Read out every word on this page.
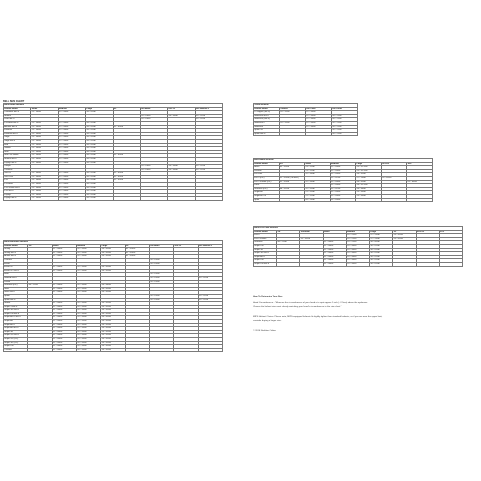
BELL SIZE CHART
Adult Road Helmets							
Helmet Model	Small	Medium	Large	XL	Uni Adult	Uni XL	Uni Women's
Overdrive MIPS	52 - 56cm	55 - 59cm	58 - 62cm				
Stratus					54 - 61cm	58 - 63cm	50 - 57cm
Draft MIPS					54 - 61cm		50 - 57cm
Z20 Aero MIPS	52 - 56cm	55 - 59cm	58 - 62cm				
Avenue MIPS	52 - 56cm	55 - 59cm	58 - 62cm	61 - 65cm			
Formula	52 - 56cm	55 - 59cm	58 - 62cm				
Formula MIPS	52 - 56cm	55 - 59cm	58 - 62cm				
Gage	52 - 56cm	55 - 59cm	58 - 62cm				
Gage MIPS	52 - 56cm	55 - 59cm	58 - 62cm				
Hub	52 - 56cm	55 - 59cm	58 - 62cm				
Javelin	52 - 56cm	55 - 59cm	58 - 62cm				
Soul	52 - 56cm	55 - 59cm	58 - 62cm				
Star Pro Shield	52 - 56cm	55 - 59cm	58 - 62cm	61 - 65cm			
Stratus MIPS	52 - 56cm	55 - 59cm	58 - 62cm				
Zephyr MIPS	52 - 56cm	55 - 59cm	58 - 62cm				
Tempo					54 - 61cm	58 - 63cm	50 - 57cm
Traverse					54 - 61cm	58 - 63cm	50 - 57cm
Volt RL	52 - 56cm	55 - 59cm	58 - 62cm	61 - 65cm			
Volt RL A	52 - 56cm	55 - 59cm	58 - 62cm	61 - 65cm			
Z20	52 - 56cm	55 - 59cm	58 - 62cm	61 - 65cm			
Z20 Aero	52 - 56cm	55 - 59cm	58 - 62cm				
Z20 Ghost MIPS	52 - 56cm	55 - 59cm	58 - 62cm				
Z20 MIPS	52 - 56cm	55 - 59cm	58 - 62cm				
Zephyr	52 - 56cm	55 - 59cm	58 - 62cm				
Zephyr MIPS	52 - 56cm	55 - 59cm	58 - 62cm				
Adult Mountain Helmets								
Helmet Model	XS	Small	Medium	Large	XL	Uni Adult	Uni XL	Uni Women's
4Forty		52 - 56cm	55 - 59cm	58 - 62cm	61 - 65cm			
4Forty MIPS		52 - 56cm	55 - 59cm	58 - 62cm	61 - 65cm			
Annex MIPS		52 - 56cm	55 - 59cm	58 - 62cm	61 - 65cm			
Chicane						54 - 61cm		
Event						54 - 61cm		
Event XC		52 - 56cm	55 - 59cm	58 - 62cm				
Event XC MIPS		52 - 56cm	55 - 59cm	58 - 62cm				
Hela						54 - 61cm		
Nomad MIPS						54 - 61cm		50 - 57cm
Piston						54 - 61cm		
Sanction (F/F)	48 - 51cm	52 - 56cm	55 - 59cm	58 - 60cm				
Sixer		52 - 56cm	55 - 59cm	58 - 62cm				
Sixer MIPS		52 - 56cm	55 - 59cm	58 - 62cm				
Spark						54 - 61cm		50 - 57cm
Spark MIPS						54 - 61cm		50 - 57cm
Stoker		52 - 56cm	55 - 59cm	58 - 62cm				
Super 3 MIPS		52 - 56cm	55 - 59cm	58 - 62cm				
Super 3R MIPS		52 - 56cm	55 - 59cm	58 - 62cm				
Super DH MIPS		52 - 56cm	55 - 59cm	58 - 62cm				
Super Air R MIPS		52 - 56cm	55 - 59cm	58 - 62cm				
Super Air		52 - 56cm	55 - 59cm	58 - 62cm				
Super Air R		52 - 56cm	55 - 59cm	58 - 62cm				
Super Air MIPS		52 - 56cm	55 - 59cm	58 - 62cm				
Super 3R		52 - 56cm	55 - 59cm	58 - 62cm				
Super 2R MIPS		52 - 56cm	55 - 59cm	58 - 62cm				
Super 2R (F/F)		52 - 56cm	55 - 59cm	58 - 62cm				
Super 3R (F/F)		52 - 56cm	55 - 59cm	58 - 62cm				
Super DH		52 - 56cm	55 - 59cm	58 - 62cm				
Transfer		52 - 56cm	55 - 59cm	58 - 62cm				
Youth Helmets			
Helmet Model	Toddler	Uni Child	Uni Youth
Lil Ripper (MIPS)	45 - 52cm	47 - 54cm	
Sidetrack MIPS		47 - 54cm	50 - 57cm
Sidetrack (MIPS)		47 - 54cm	50 - 57cm
Sidetrack II	45 - 52cm	47 - 54cm	50 - 57cm
Sidetrack		47 - 54cm	50 - 57cm
Spark JR			50 - 57cm
Spark MIPS			50 - 57cm
BMX/Skate Helmets						
Helmet Model	XS	Small	Medium	Large	XL/2XL	SXL
Block	49 - 53cm	53 - 55cm	55 - 59cm	59 - 61.5cm		
Division		53 - 55cm	55 - 59cm	59 - 61.5cm		
Full Flex		52 - 56cm	55 - 59cm	58 - 62cm		
Full 9 (F/F)	51 - 55cm (XS/SML)		55 - 57cm	57 - 59cm	59 - 61cm	
Full 9 Fusion (F/F)	51 - 55cm	52 - 56cm	55 - 59cm	58 - 62cm		61 - 63cm
Local			55 - 59cm	58 - 61.5cm		
Sanction (F/F)	48 - 51cm	52 - 55cm	55 - 57cm	58 - 60cm		
Segment		51 - 55cm	55 - 59cm	59 - 63cm		
Segment XS		51 - 55cm	55 - 59cm	59 - 63cm		
Span		49 - 53cm	53 - 55cm			
Adult Full Face Helmets								
Helmet Model	XS	XS/Small	Small	Medium	Large	XL	XL/XXL	XXL
Full-9				55 - 57cm	57 - 59cm	59 - 61cm		
Full-9 Fusion		51 - 55cm		55 - 57cm	57 - 59cm	59 - 61cm		
Sanction	48 - 51cm		52 - 56cm	55 - 57cm	58 - 60cm			
Super DH			52 - 56cm	55 - 59cm	58 - 62cm			
Super 3R			52 - 56cm	55 - 59cm	58 - 62cm			
Super 3R MIPS			52 - 56cm	55 - 59cm	58 - 62cm			
Super Air R			52 - 56cm	55 - 59cm	58 - 62cm			
Super DH			52 - 56cm	55 - 59cm	58 - 62cm			
Super DH MIPS			52 - 56cm	55 - 59cm	58 - 62cm			
How To Determine Your Size
Head Circumference - "Measure the circumference of your head at a spot approx 1 inch (~2.5cm) above the eyebrows.
Choose the helmet size most closely matching your head's circumference in the size chart."
MIPS Helmet Choice: Please note, MIPS-equipped helmets fit slightly tighter than standard helmets, so if you are near the upper limit,
consider buying a larger size.
© 2016 Nashbar Online
